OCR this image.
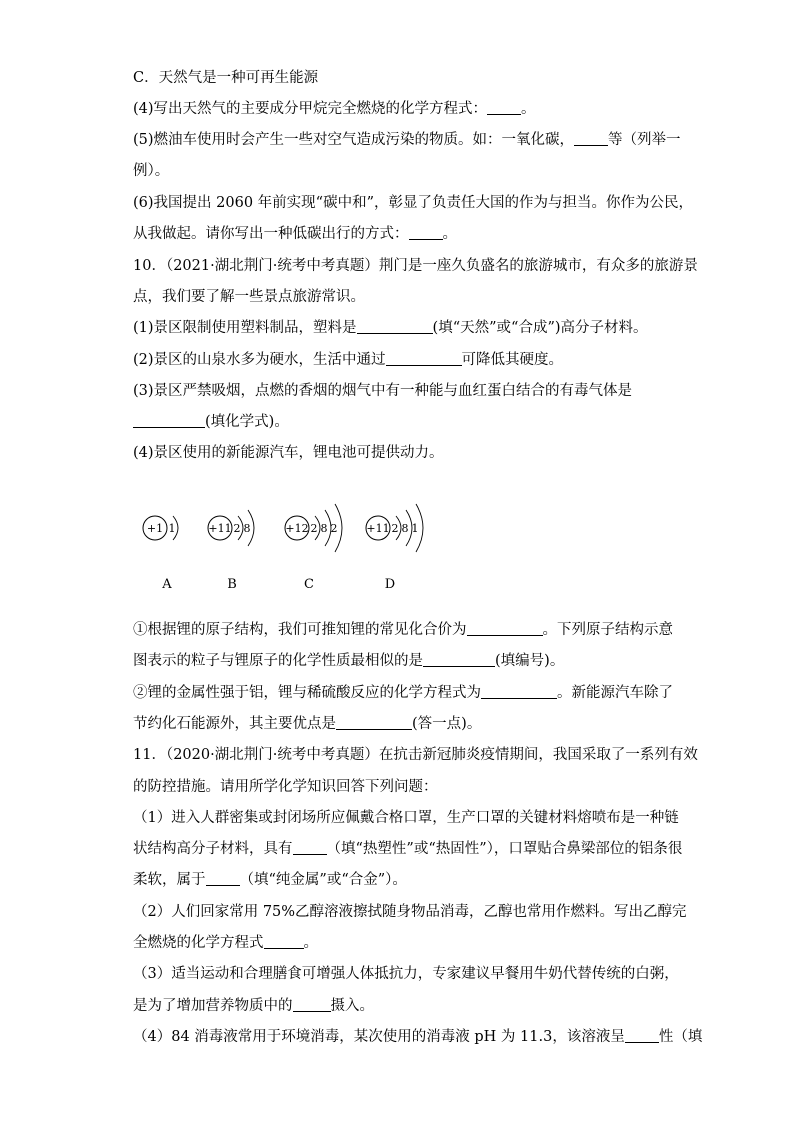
C．天然气是一种可再生能源
(4)写出天然气的主要成分甲烷完全燃烧的化学方程式： 。
(5)燃油车使用时会产生一些对空气造成污染的物质。如：一氧化碳， 等（列举一
例）。
(6)我国提出 2060 年前实现“碳中和”，彰显了负责任大国的作为与担当。你作为公民，
从我做起。请你写出一种低碳出行的方式： 。
10．（2021·湖北荆门·统考中考真题）荆门是一座久负盛名的旅游城市，有众多的旅游景
点，我们要了解一些景点旅游常识。
(1)景区限制使用塑料制品，塑料是	(填“天然”或“合成”)高分子材料。
(2)景区的山泉水多为硬水，生活中通过	可降低其硬度。
(3)景区严禁吸烟，点燃的香烟的烟气中有一种能与血红蛋白结合的有毒气体是
(填化学式)。
(4)景区使用的新能源汽车，锂电池可提供动力。
+1 1
A
+11 2 8
B
+12 2 8 2
C
+11 2 8 1
D
①根据锂的原子结构，我们可推知锂的常见化合价为	。下列原子结构示意
图表示的粒子与锂原子的化学性质最相似的是	(填编号)。
②锂的金属性强于铝，锂与稀硫酸反应的化学方程式为	。新能源汽车除了
节约化石能源外，其主要优点是	(答一点)。
11．（2020·湖北荆门·统考中考真题）在抗击新冠肺炎疫情期间，我国采取了一系列有效
的防控措施。请用所学化学知识回答下列问题：
（1）进入人群密集或封闭场所应佩戴合格口罩，生产口罩的关键材料熔喷布是一种链
状结构高分子材料，具有 （填“热塑性”或“热固性”），口罩贴合鼻梁部位的铝条很
柔软，属于 （填“纯金属”或“合金”）。
（2）人们回家常用 75%乙醇溶液擦拭随身物品消毒，乙醇也常用作燃料。写出乙醇完
全燃烧的化学方程式	。
（3）适当运动和合理膳食可增强人体抵抗力，专家建议早餐用牛奶代替传统的白粥，
是为了增加营养物质中的	摄入。
（4）84 消毒液常用于环境消毒，某次使用的消毒液 pH 为 11.3，该溶液呈 性（填
